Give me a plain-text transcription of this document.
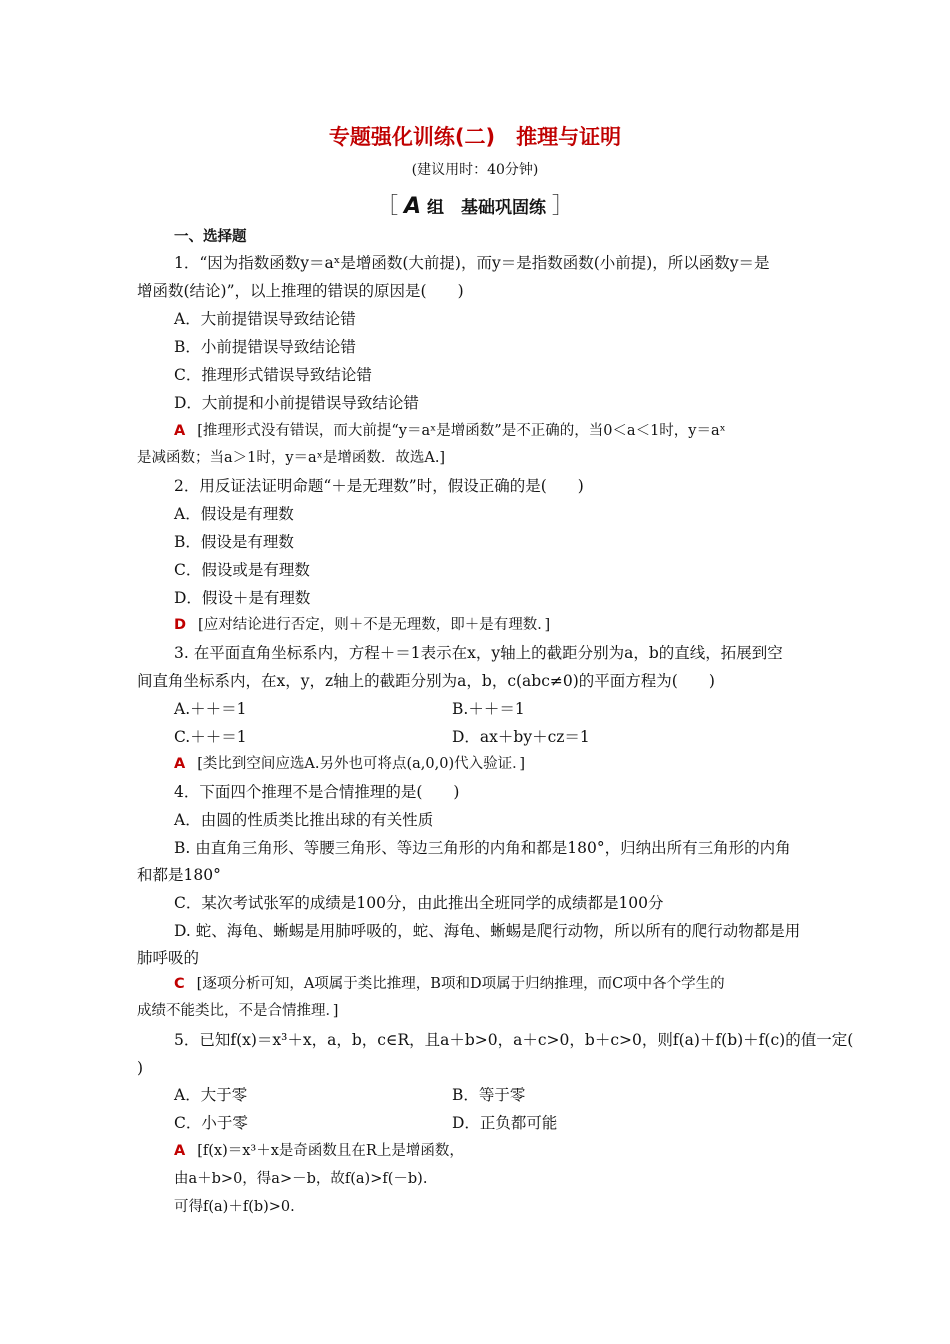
专题强化训练(二)　推理与证明
(建议用时：40分钟)
［ A 组　基础巩固练 ］
一、选择题
1．“因为指数函数y＝aˣ是增函数(大前提)，而y＝是指数函数(小前提)，所以函数y＝是
增函数(结论)”，以上推理的错误的原因是(　　)
A．大前提错误导致结论错
B．小前提错误导致结论错
C．推理形式错误导致结论错
D．大前提和小前提错误导致结论错
A [推理形式没有错误，而大前提“y＝aˣ是增函数”是不正确的，当0＜a＜1时，y＝aˣ
是减函数；当a＞1时，y＝aˣ是增函数．故选A.]
2．用反证法证明命题“＋是无理数”时，假设正确的是(　　)
A．假设是有理数
B．假设是有理数
C．假设或是有理数
D．假设＋是有理数
D [应对结论进行否定，则＋不是无理数，即＋是有理数．]
3. 在平面直角坐标系内，方程＋＝1表示在x，y轴上的截距分别为a，b的直线，拓展到空
间直角坐标系内，在x，y，z轴上的截距分别为a，b，c(abc≠0)的平面方程为(　　)
A.＋＋＝1	B.＋＋＝1
C.＋＋＝1	D．ax＋by＋cz＝1
A [类比到空间应选A.另外也可将点(a,0,0)代入验证．]
4．下面四个推理不是合情推理的是(　　)
A．由圆的性质类比推出球的有关性质
B. 由直角三角形、等腰三角形、等边三角形的内角和都是180°，归纳出所有三角形的内角
和都是180°
C．某次考试张军的成绩是100分，由此推出全班同学的成绩都是100分
D. 蛇、海龟、蜥蜴是用肺呼吸的，蛇、海龟、蜥蜴是爬行动物，所以所有的爬行动物都是用
肺呼吸的
C [逐项分析可知，A项属于类比推理，B项和D项属于归纳推理，而C项中各个学生的
成绩不能类比，不是合情推理．]
5．已知f(x)＝x³＋x，a，b，c∈R，且a＋b>0，a＋c>0，b＋c>0，则f(a)＋f(b)＋f(c)的值一定(
)
A．大于零	B．等于零
C．小于零	D．正负都可能
A [f(x)＝x³＋x是奇函数且在R上是增函数，
由a＋b>0，得a>－b，故f(a)>f(－b).
可得f(a)＋f(b)>0.
